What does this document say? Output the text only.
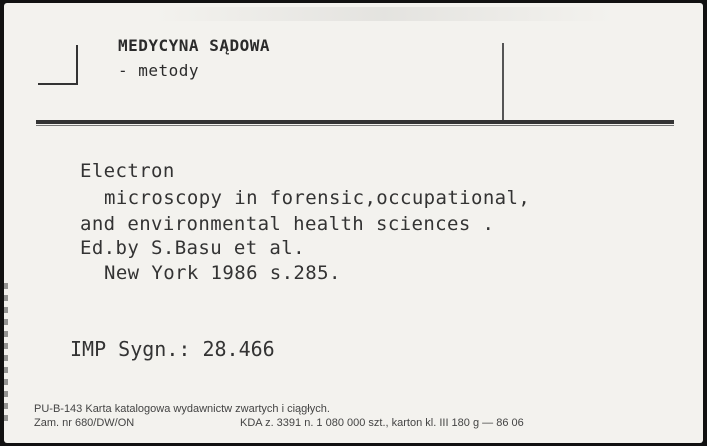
MEDYCYNA SĄDOWA
- metody
Electron
microscopy in forensic,occupational,
and environmental health sciences .
Ed.by S.Basu et al.
New York 1986 s.285.
IMP Sygn.: 28.466
PU-B-143 Karta katalogowa wydawnictw zwartych i ciągłych.
Zam. nr 680/DW/ON	KDA z. 3391 n. 1 080 000 szt., karton kl. III 180 g — 86 06
